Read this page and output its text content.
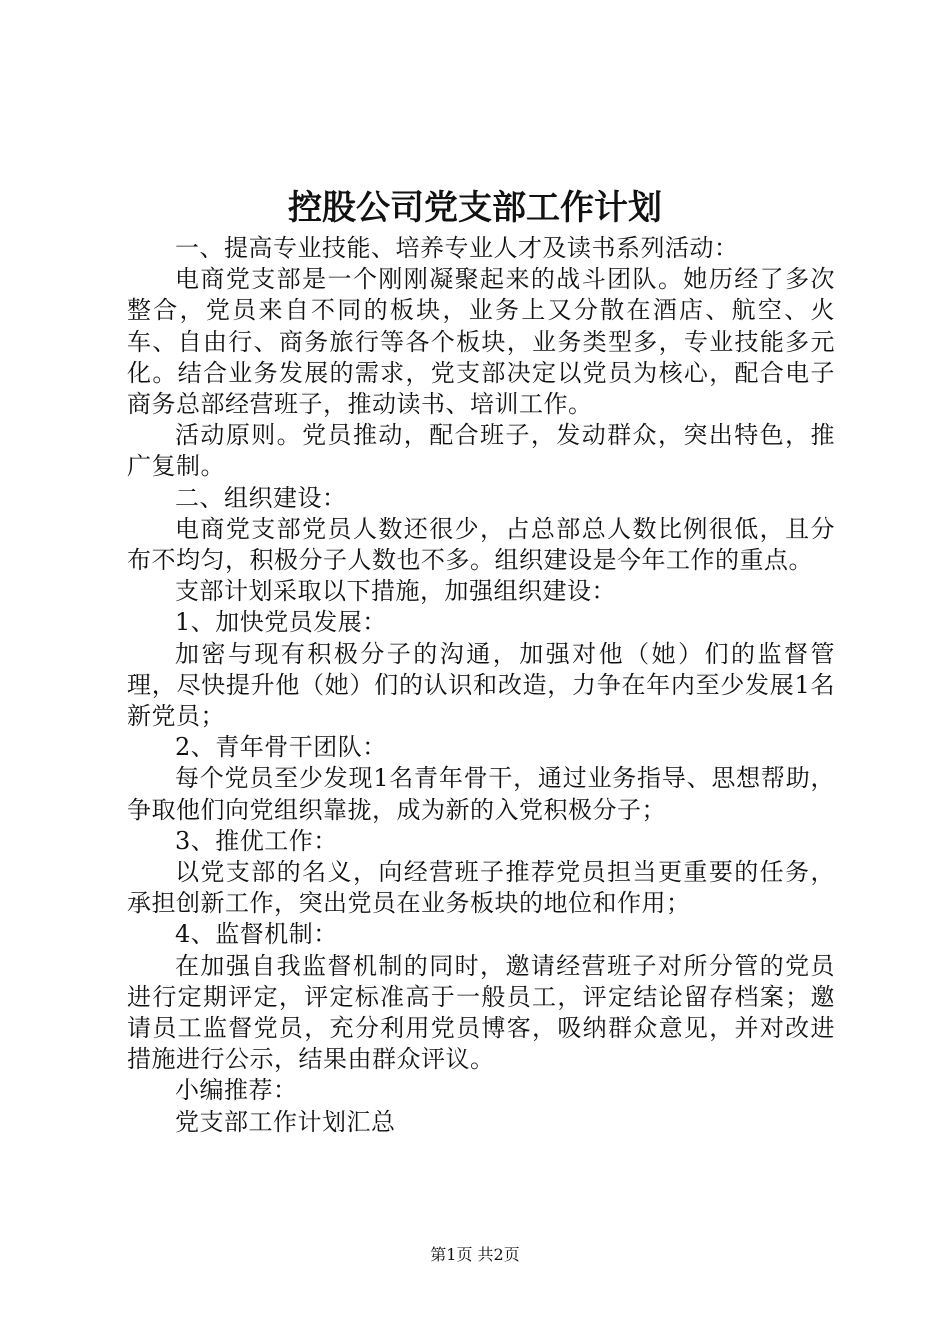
控股公司党支部工作计划

一、提高专业技能、培养专业人才及读书系列活动：

电商党支部是一个刚刚凝聚起来的战斗团队。她历经了多次整合，党员来自不同的板块，业务上又分散在酒店、航空、火车、自由行、商务旅行等各个板块，业务类型多，专业技能多元化。结合业务发展的需求，党支部决定以党员为核心，配合电子商务总部经营班子，推动读书、培训工作。

活动原则。党员推动，配合班子，发动群众，突出特色，推广复制。

二、组织建设：

电商党支部党员人数还很少，占总部总人数比例很低，且分布不均匀，积极分子人数也不多。组织建设是今年工作的重点。

支部计划采取以下措施，加强组织建设：

1、加快党员发展：

加密与现有积极分子的沟通，加强对他（她）们的监督管理，尽快提升他（她）们的认识和改造，力争在年内至少发展1名新党员；

2、青年骨干团队：

每个党员至少发现1名青年骨干，通过业务指导、思想帮助，争取他们向党组织靠拢，成为新的入党积极分子；

3、推优工作：

以党支部的名义，向经营班子推荐党员担当更重要的任务，承担创新工作，突出党员在业务板块的地位和作用；

4、监督机制：

在加强自我监督机制的同时，邀请经营班子对所分管的党员进行定期评定，评定标准高于一般员工，评定结论留存档案；邀请员工监督党员，充分利用党员博客，吸纳群众意见，并对改进措施进行公示，结果由群众评议。

小编推荐：

党支部工作计划汇总

第1页 共2页
